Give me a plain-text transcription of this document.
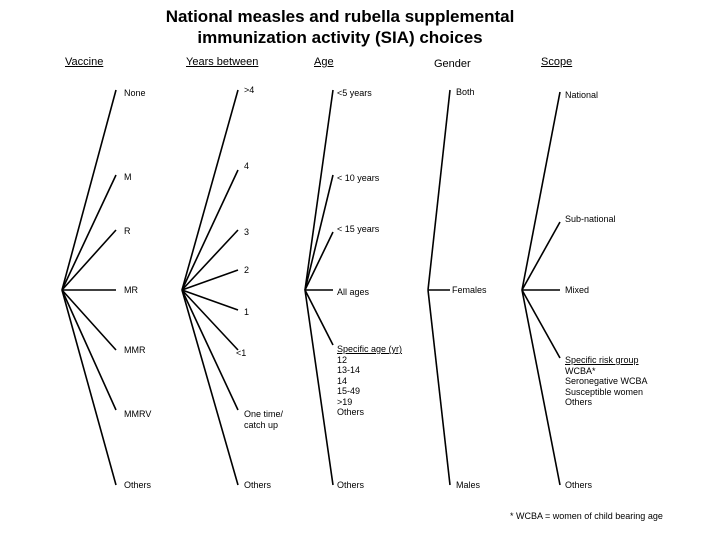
National measles and rubella supplemental
immunization activity (SIA) choices
Vaccine	Years between	Age	Gender	Scope
None
M
R
MR
MMR
MMRV
Others
>4
4
3
2
1
<1
One time/
catch up
Others
<5 years
< 10 years
< 15 years
All ages
Specific age (yr)
12
13-14
14
15-49
>19
Others
Others
Both
Females
Males
National
Sub-national
Mixed
Specific risk group
WCBA*
Seronegative WCBA
Susceptible women
Others
Others
* WCBA = women of child bearing age
